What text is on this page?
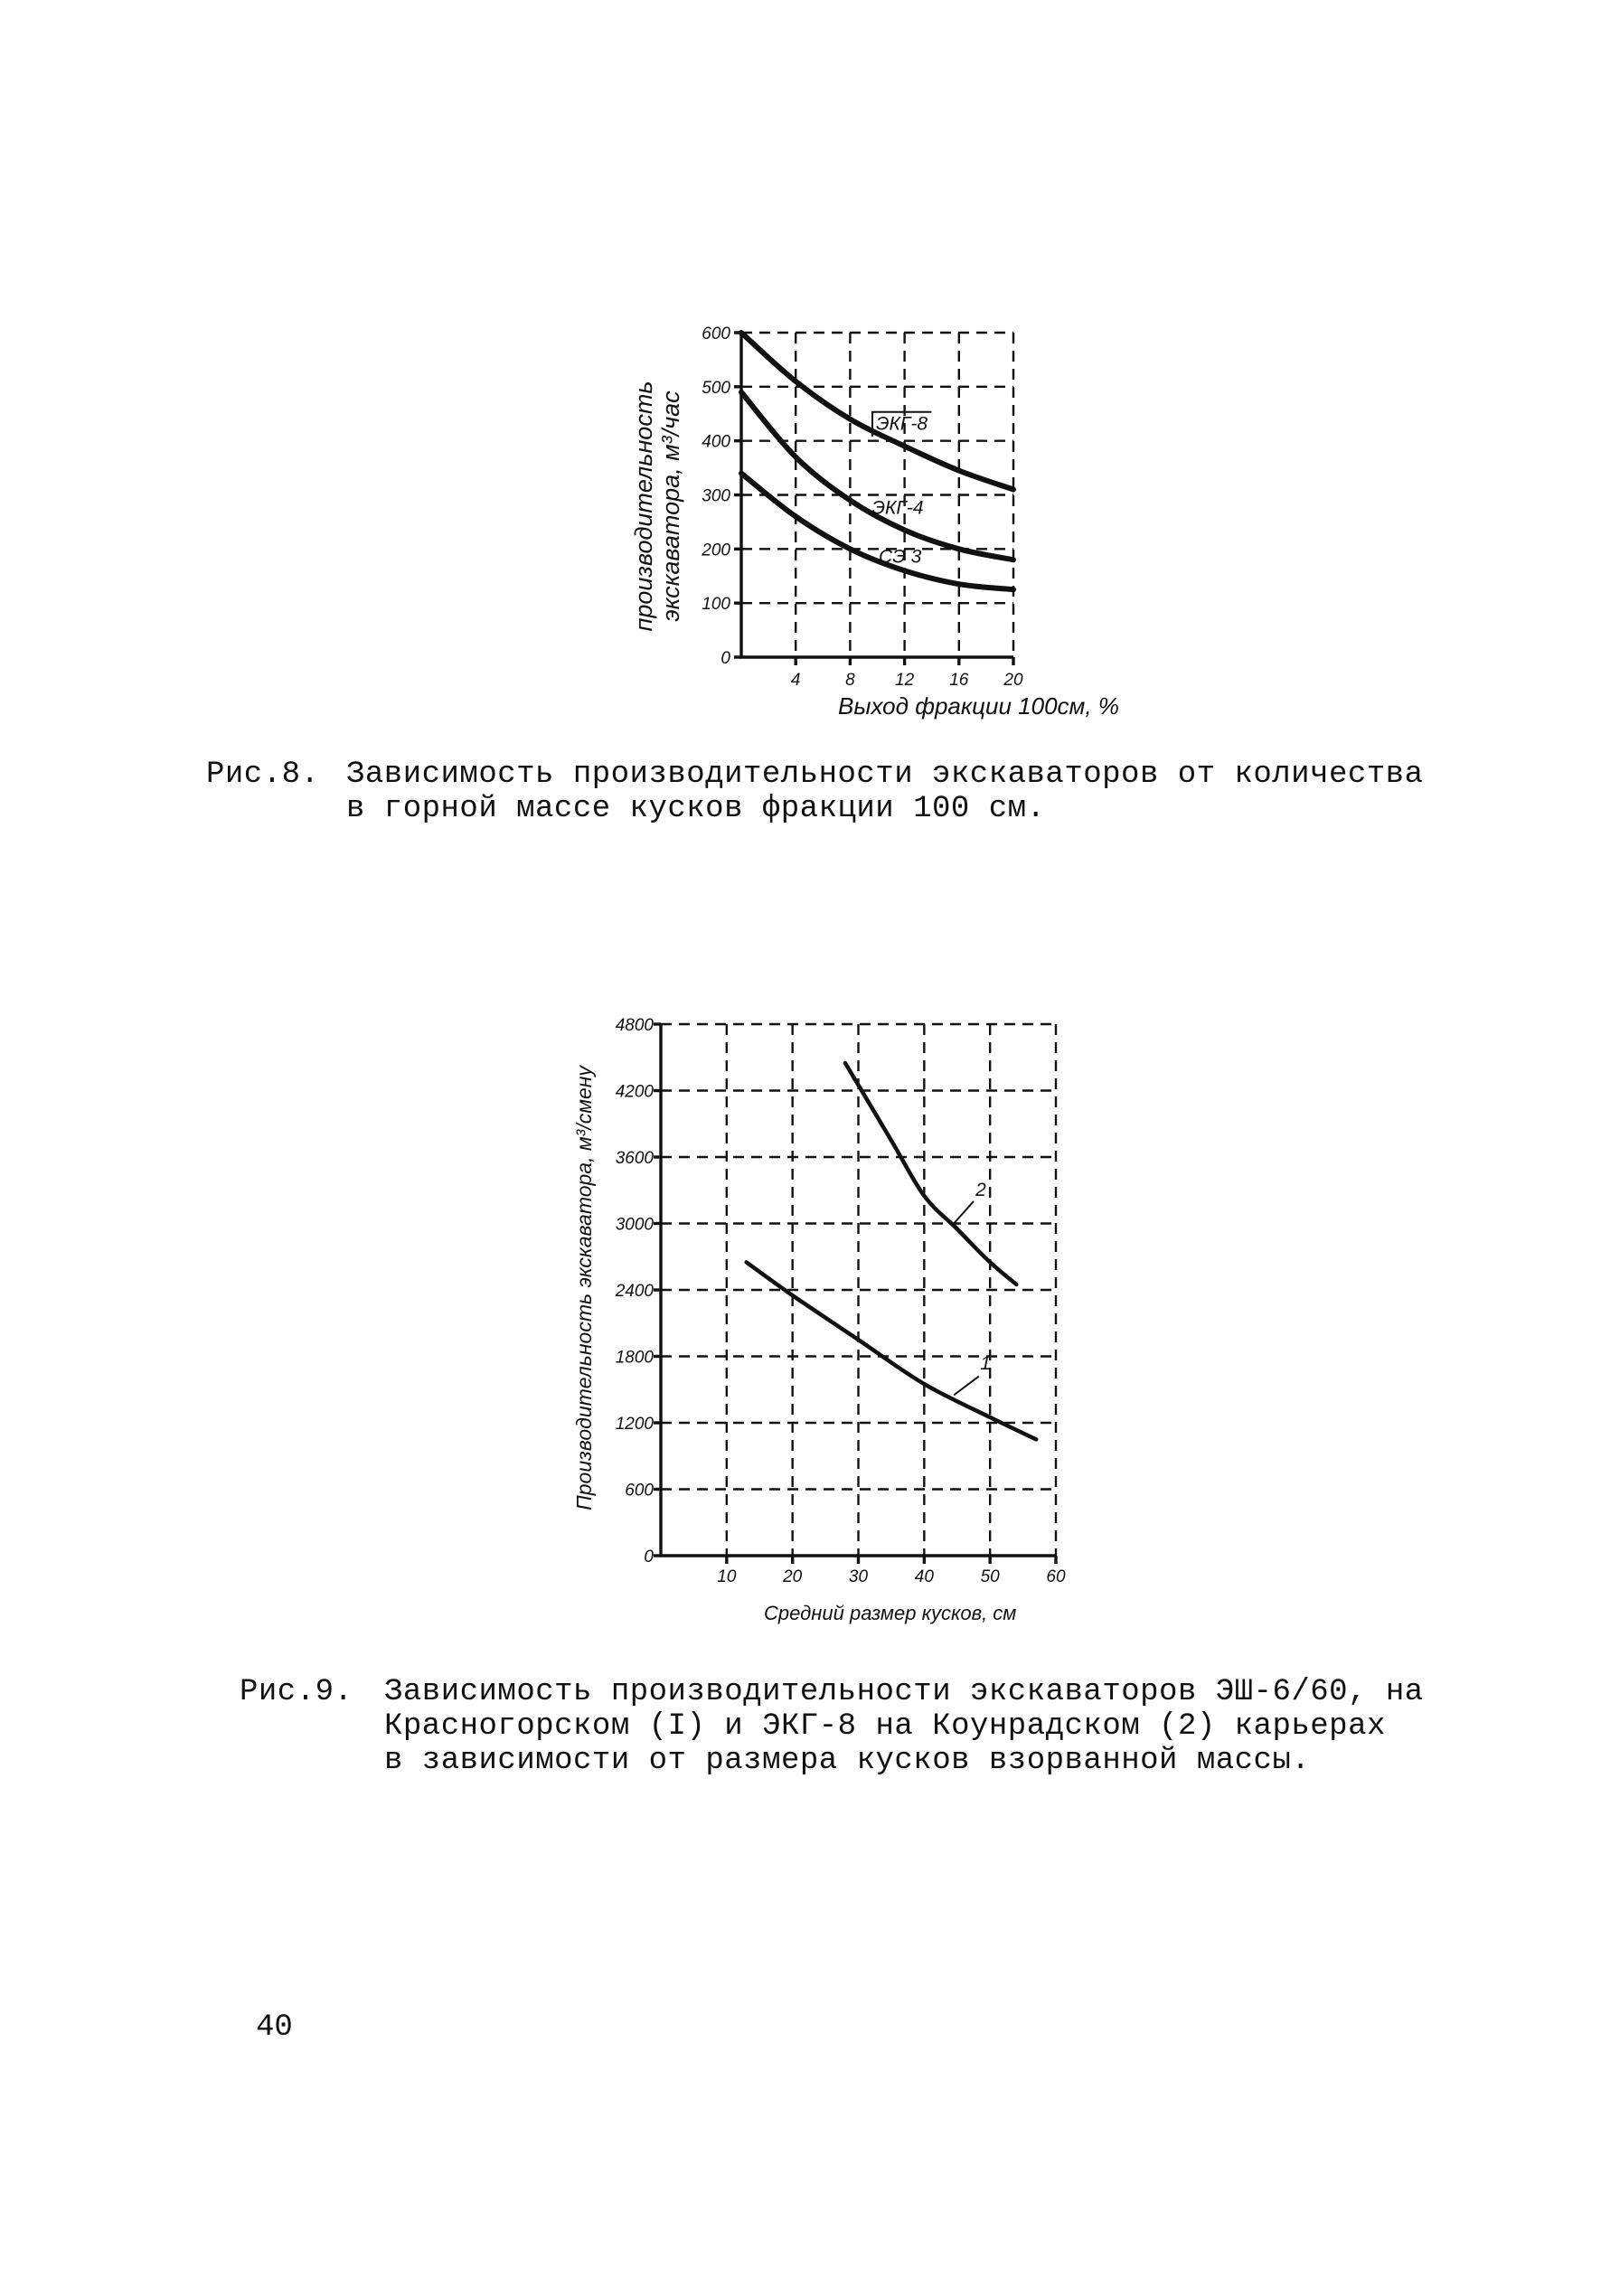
ЭКГ-8
ЭКГ-4
СЭ 3
4	8 12 16 20
600
500
400
300
200
100
0
Выход фракции 100см, %
производительность экскаватора, м³/час
1
2
10	20	30	40	50	60
4800
4200
3600
3000
2400
1800
1200
600
0
Средний размер кусков, см
Производительность экскаватора, м³/смену

Рис.8.

Зависимость производительности экскаваторов от количества

в горной массе кусков фракции 100 см.

Рис.9.

Зависимость производительности экскаваторов ЭШ-6/60, на

Красногорском (I) и ЭКГ-8 на Коунрадском (2) карьерах

в зависимости от размера кусков взорванной массы.

40
